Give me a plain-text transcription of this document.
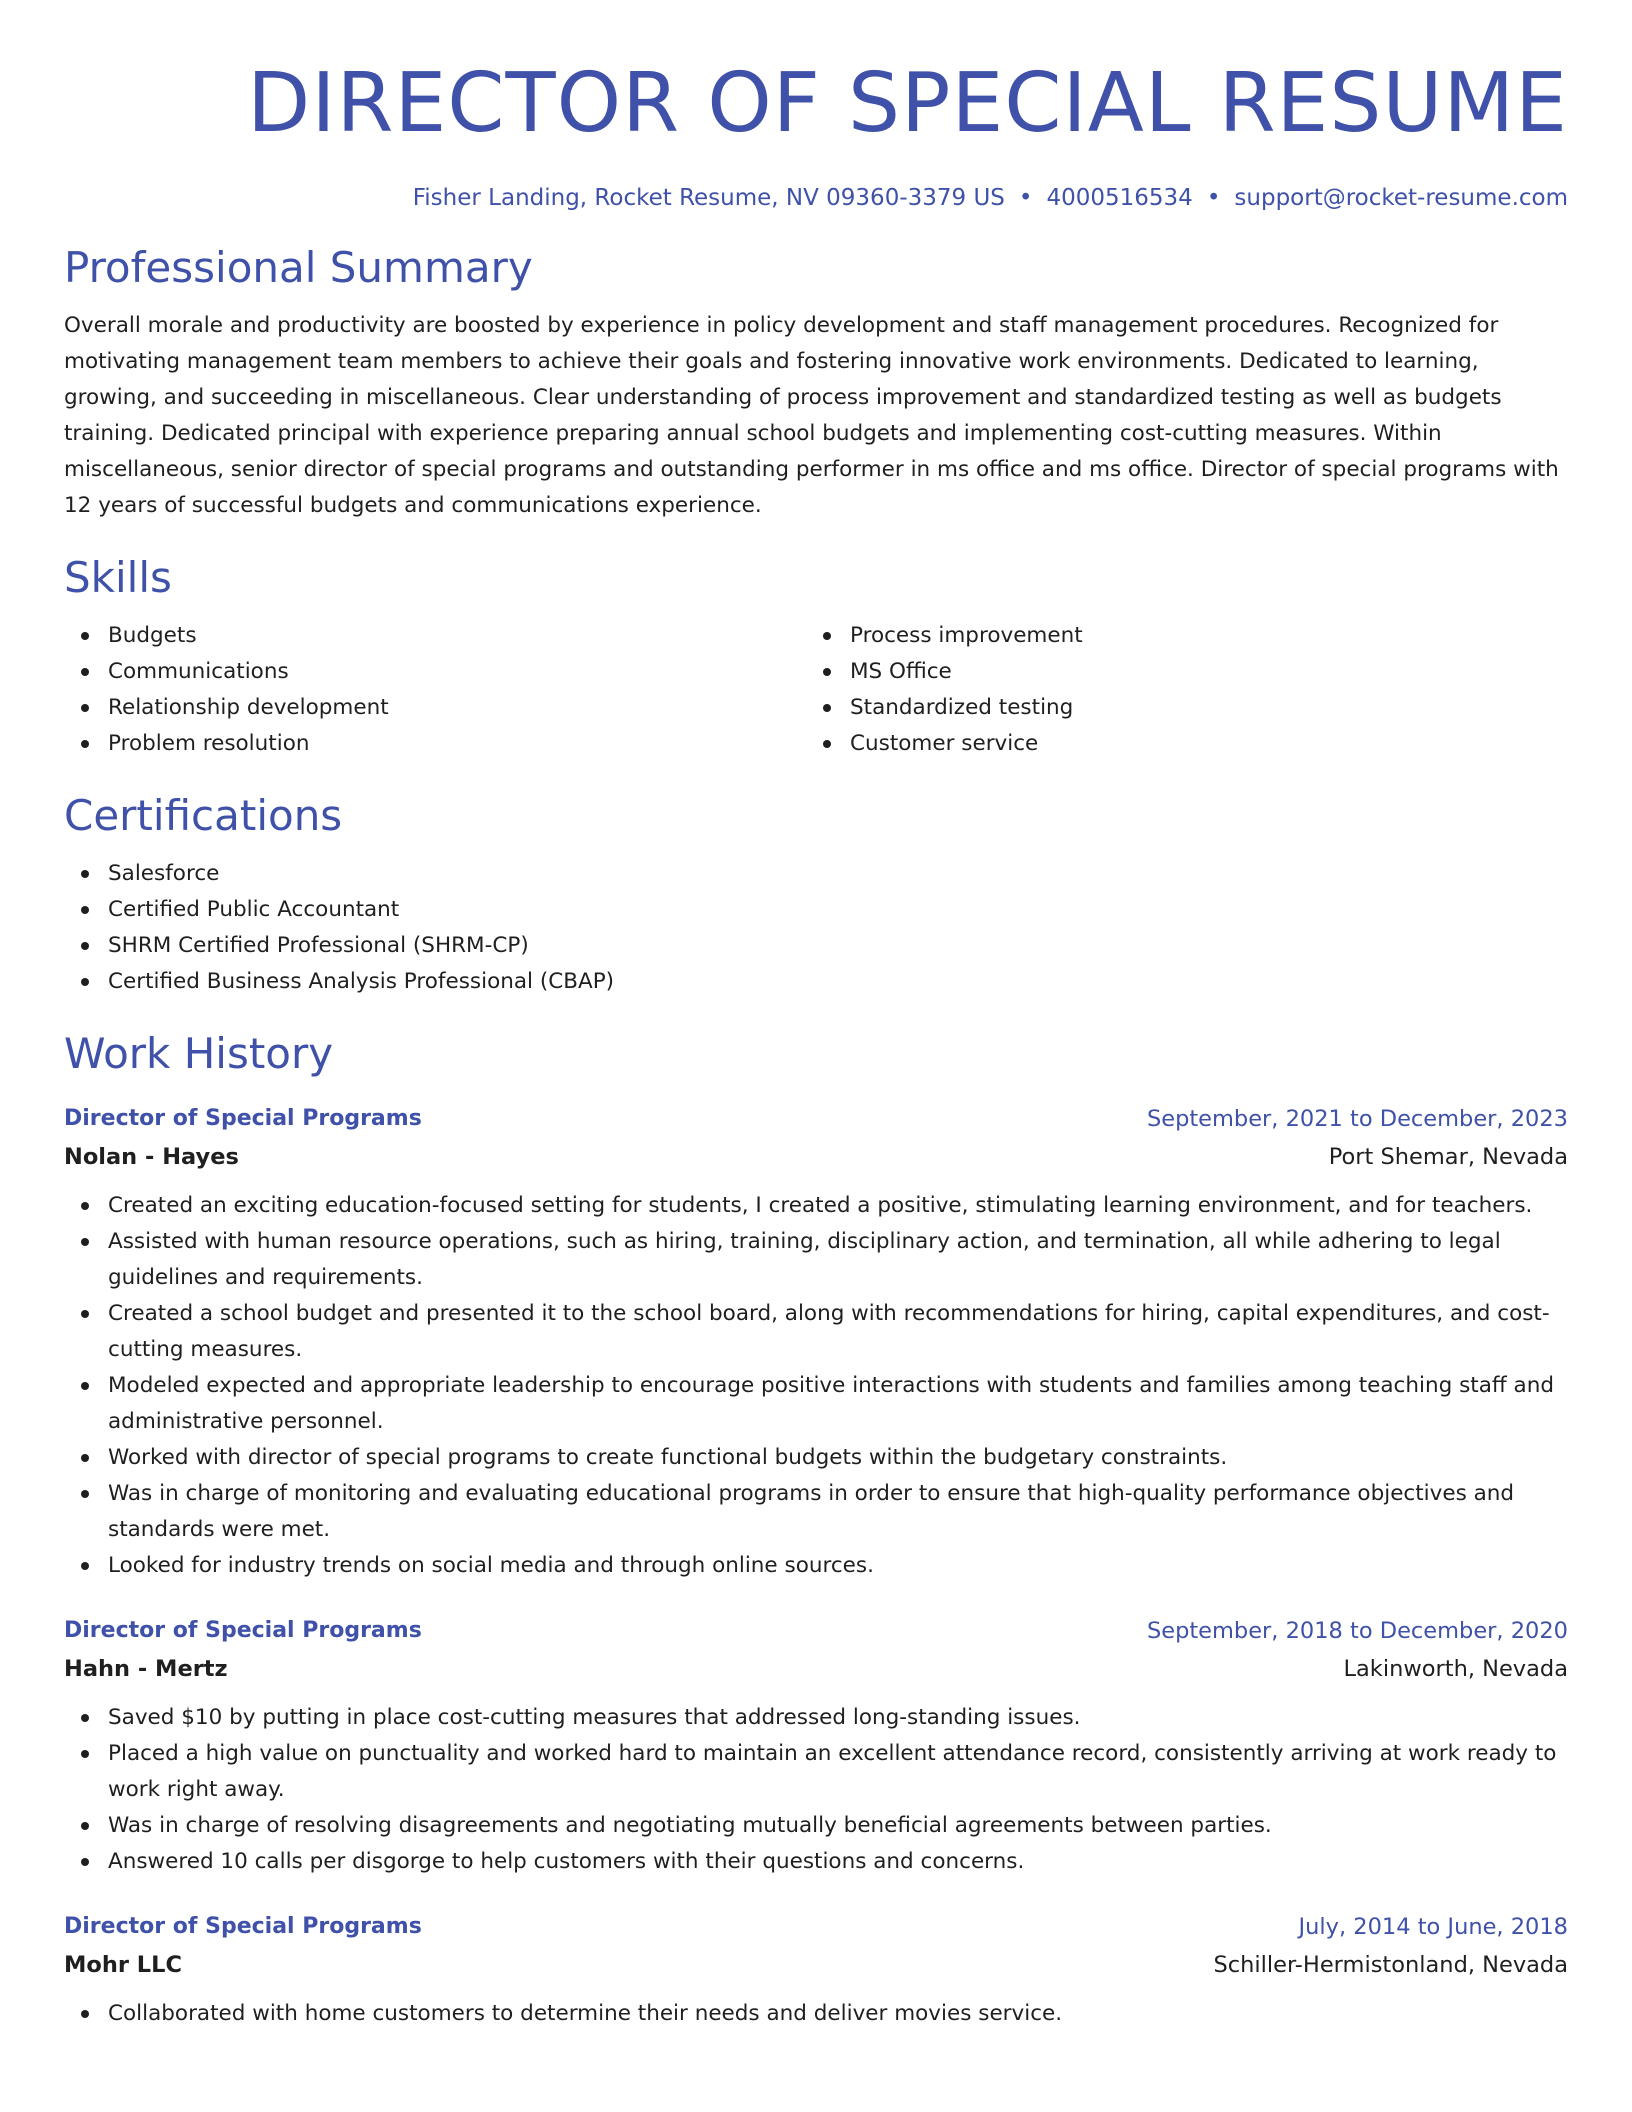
DIRECTOR OF SPECIAL RESUME
Fisher Landing, Rocket Resume, NV 09360-3379 US • 4000516534 • support@rocket-resume.com
Professional Summary
Overall morale and productivity are boosted by experience in policy development and staff management procedures. Recognized for motivating management team members to achieve their goals and fostering innovative work environments. Dedicated to learning, growing, and succeeding in miscellaneous. Clear understanding of process improvement and standardized testing as well as budgets training. Dedicated principal with experience preparing annual school budgets and implementing cost-cutting measures. Within miscellaneous, senior director of special programs and outstanding performer in ms office and ms office. Director of special programs with 12 years of successful budgets and communications experience.
Skills
Budgets
Communications
Relationship development
Problem resolution
Process improvement
MS Office
Standardized testing
Customer service
Certifications
Salesforce
Certified Public Accountant
SHRM Certified Professional (SHRM-CP)
Certified Business Analysis Professional (CBAP)
Work History
Director of Special Programs	September, 2021 to December, 2023
Nolan - Hayes	Port Shemar, Nevada
Created an exciting education-focused setting for students, I created a positive, stimulating learning environment, and for teachers.
Assisted with human resource operations, such as hiring, training, disciplinary action, and termination, all while adhering to legal guidelines and requirements.
Created a school budget and presented it to the school board, along with recommendations for hiring, capital expenditures, and cost-cutting measures.
Modeled expected and appropriate leadership to encourage positive interactions with students and families among teaching staff and administrative personnel.
Worked with director of special programs to create functional budgets within the budgetary constraints.
Was in charge of monitoring and evaluating educational programs in order to ensure that high-quality performance objectives and standards were met.
Looked for industry trends on social media and through online sources.
Director of Special Programs	September, 2018 to December, 2020
Hahn - Mertz	Lakinworth, Nevada
Saved $10 by putting in place cost-cutting measures that addressed long-standing issues.
Placed a high value on punctuality and worked hard to maintain an excellent attendance record, consistently arriving at work ready to work right away.
Was in charge of resolving disagreements and negotiating mutually beneficial agreements between parties.
Answered 10 calls per disgorge to help customers with their questions and concerns.
Director of Special Programs	July, 2014 to June, 2018
Mohr LLC	Schiller-Hermistonland, Nevada
Collaborated with home customers to determine their needs and deliver movies service.
